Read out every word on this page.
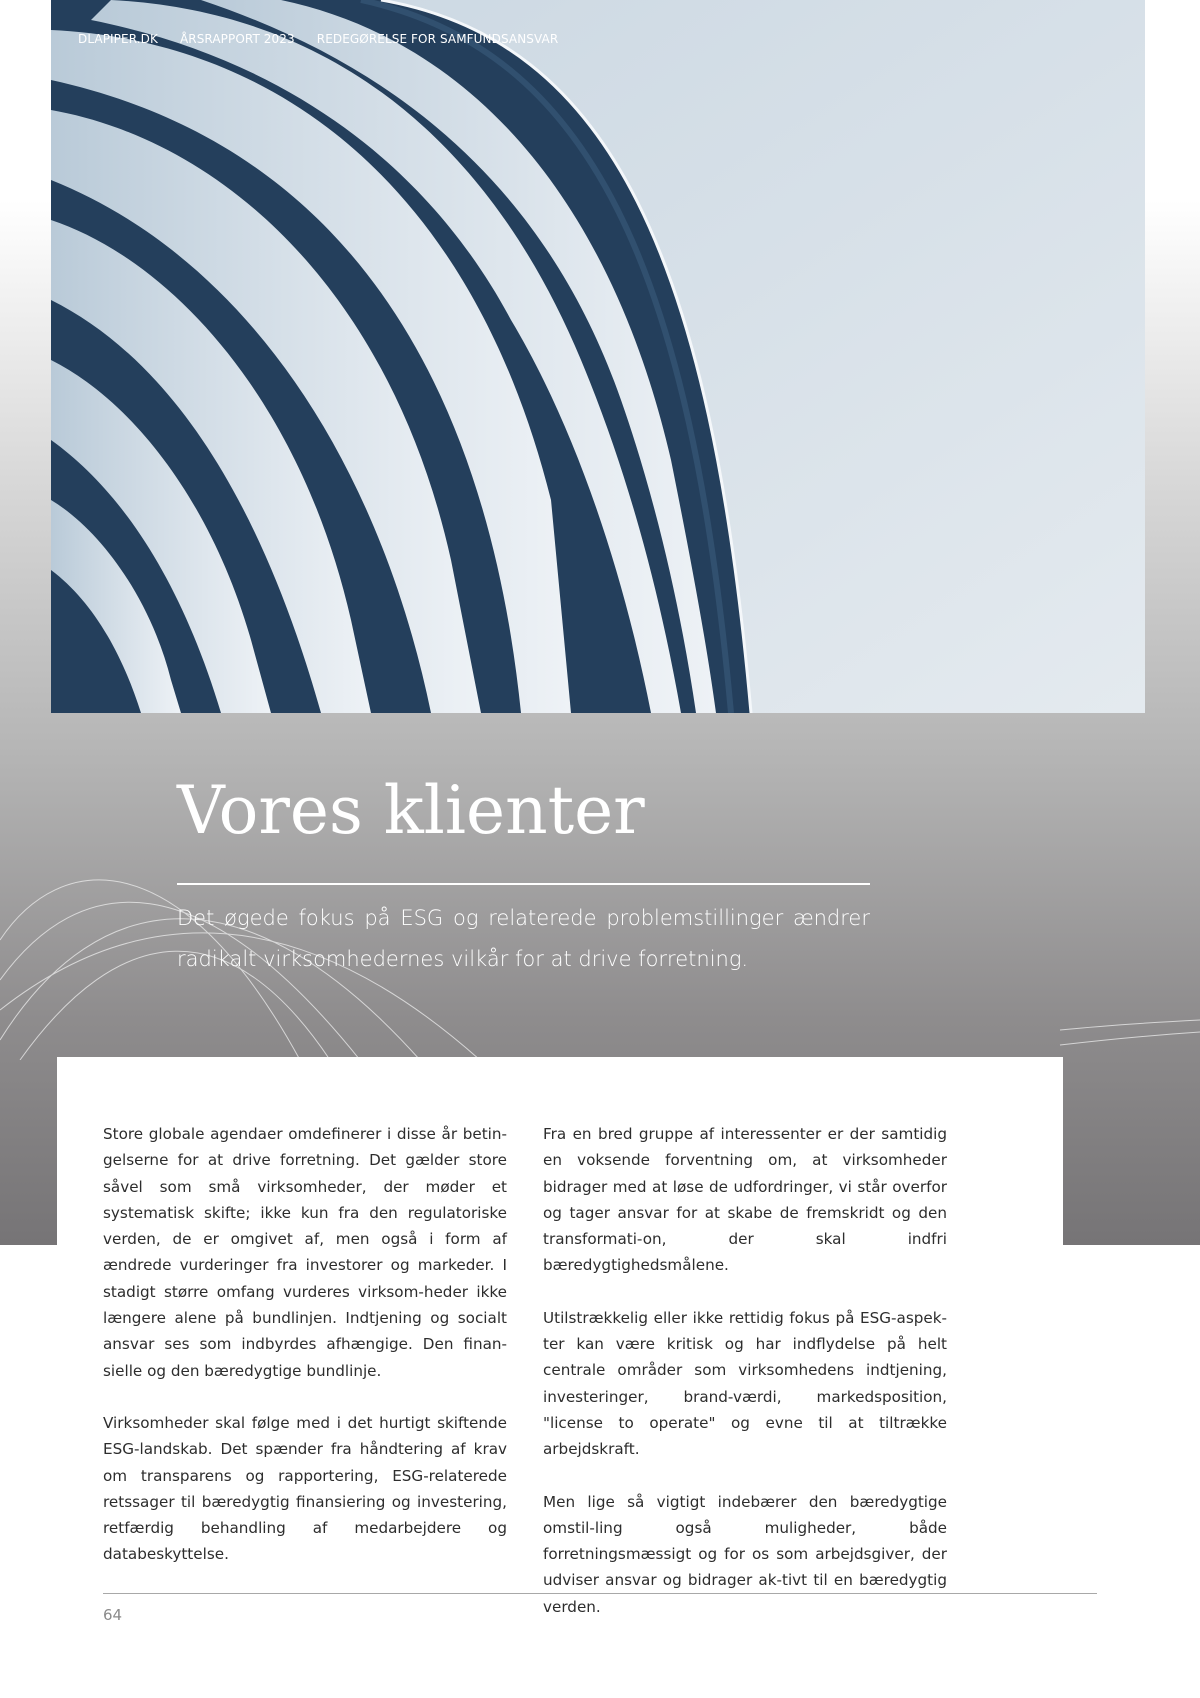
DLAPIPER.DK ÅRSRAPPORT 2023 REDEGØRELSE FOR SAMFUNDSANSVAR
Vores klienter

Det øgede fokus på ESG og relaterede problemstillinger ændrer radikalt virksomhedernes vilkår for at drive forretning.

Store globale agendaer omdefinerer i disse år betin-gelserne for at drive forretning. Det gælder store såvel som små virksomheder, der møder et systematisk skifte; ikke kun fra den regulatoriske verden, de er omgivet af, men også i form af ændrede vurderinger fra investorer og markeder. I stadigt større omfang vurderes virksom-heder ikke længere alene på bundlinjen. Indtjening og socialt ansvar ses som indbyrdes afhængige. Den finan-sielle og den bæredygtige bundlinje.

Virksomheder skal følge med i det hurtigt skiftende ESG-landskab. Det spænder fra håndtering af krav om transparens og rapportering, ESG-relaterede retssager til bæredygtig finansiering og investering, retfærdig behandling af medarbejdere og databeskyttelse.

Fra en bred gruppe af interessenter er der samtidig en voksende forventning om, at virksomheder bidrager med at løse de udfordringer, vi står overfor og tager ansvar for at skabe de fremskridt og den transformati-on, der skal indfri bæredygtighedsmålene.

Utilstrækkelig eller ikke rettidig fokus på ESG-aspek-ter kan være kritisk og har indflydelse på helt centrale områder som virksomhedens indtjening, investeringer, brand-værdi, markedsposition, "license to operate" og evne til at tiltrække arbejdskraft.

Men lige så vigtigt indebærer den bæredygtige omstil-ling også muligheder, både forretningsmæssigt og for os som arbejdsgiver, der udviser ansvar og bidrager ak-tivt til en bæredygtig verden.

64
